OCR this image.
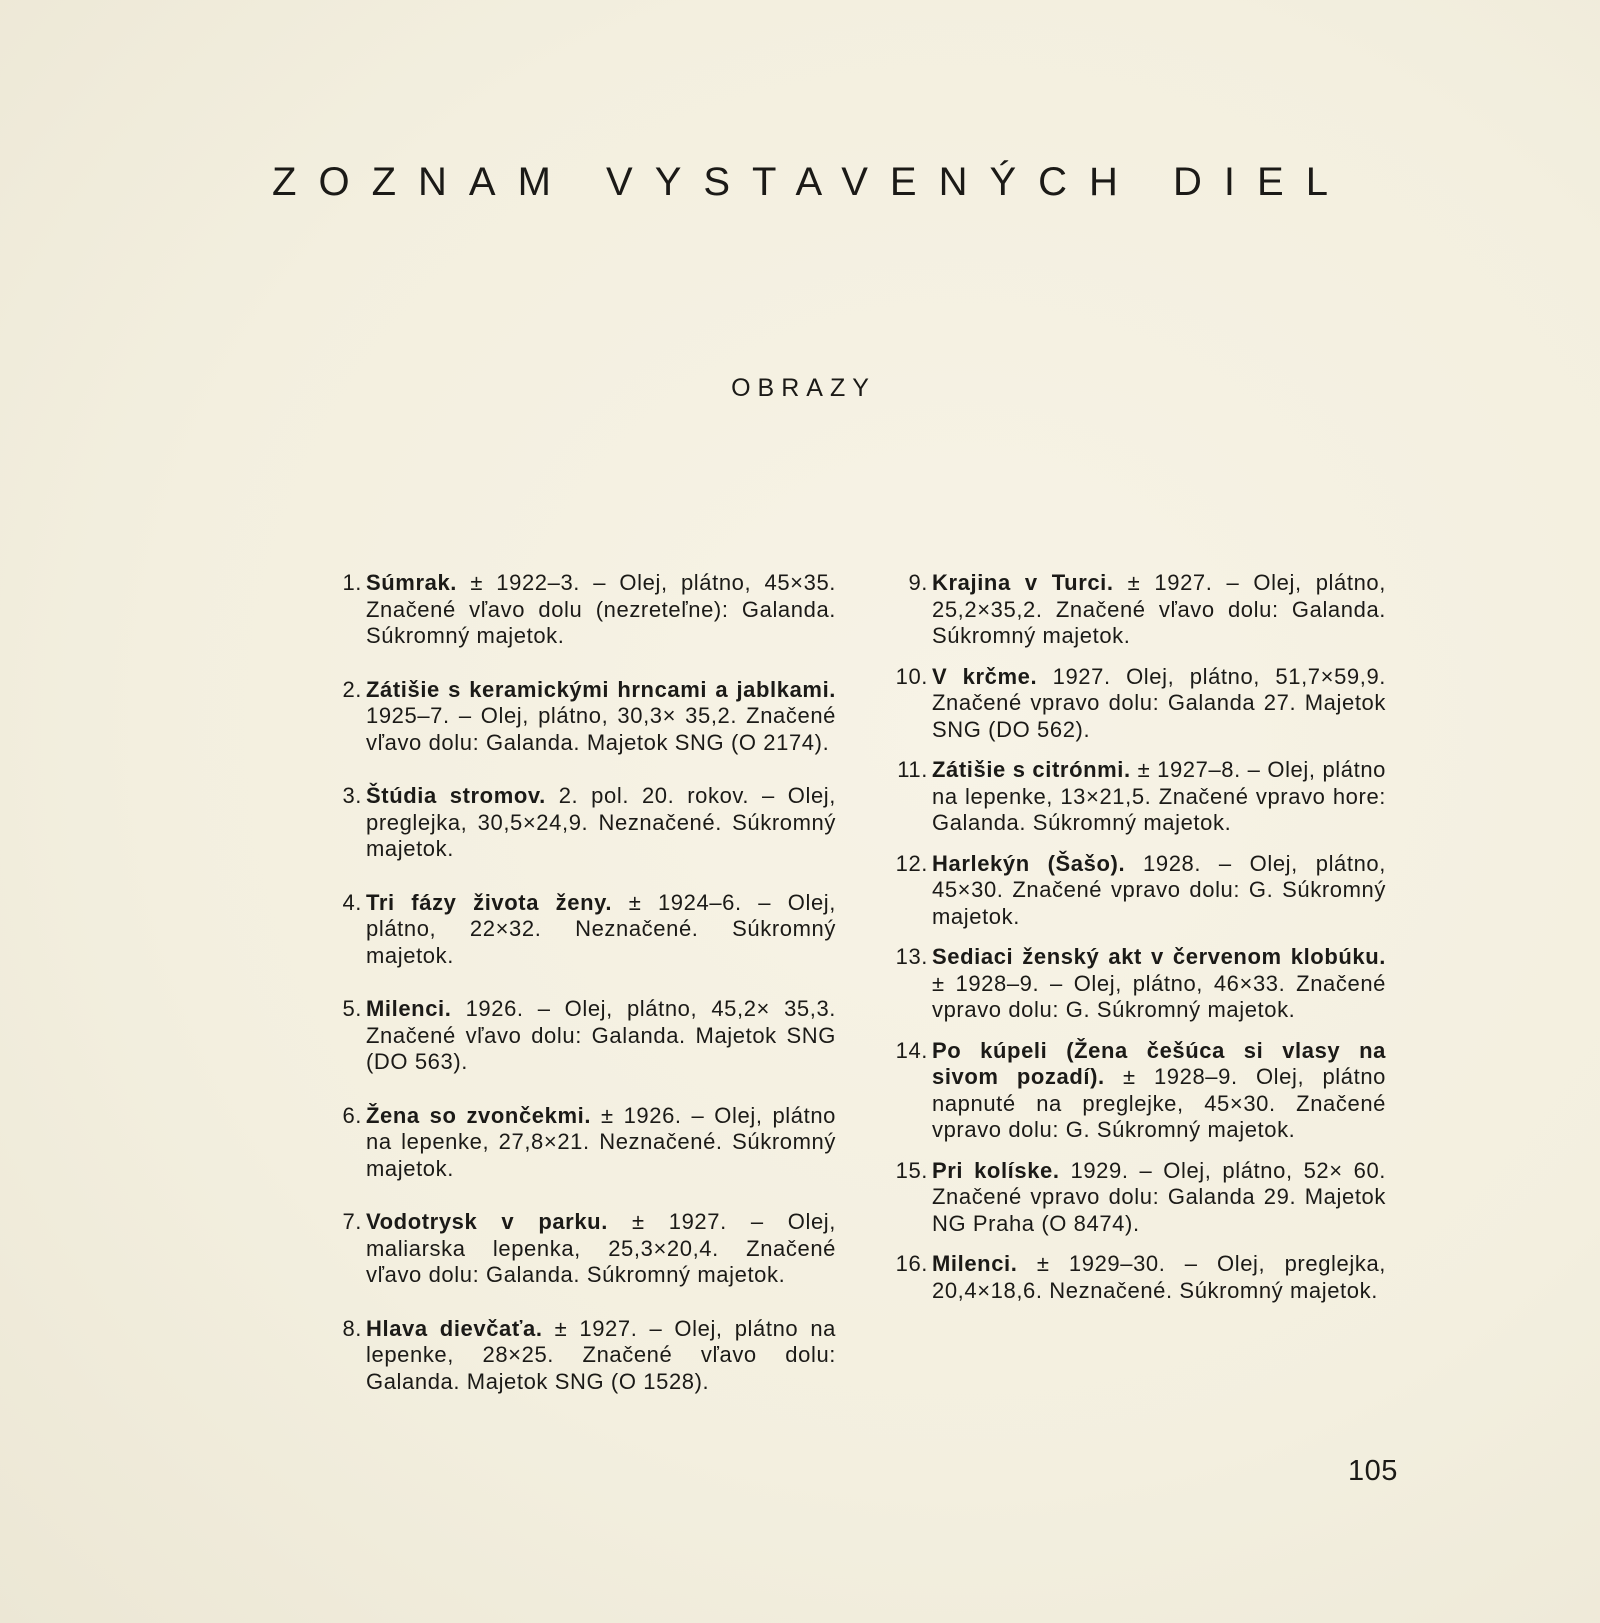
ZOZNAM VYSTAVENÝCH DIEL
OBRAZY
1. Súmrak. ± 1922–3. – Olej, plátno, 45×35. Značené vľavo dolu (nezreteľne): Galanda. Súkromný majetok.
2. Zátišie s keramickými hrncami a jablkami. 1925–7. – Olej, plátno, 30,3× 35,2. Značené vľavo dolu: Galanda. Majetok SNG (O 2174).
3. Štúdia stromov. 2. pol. 20. rokov. – Olej, preglejka, 30,5×24,9. Neznačené. Súkromný majetok.
4. Tri fázy života ženy. ± 1924–6. – Olej, plátno, 22×32. Neznačené. Súkromný majetok.
5. Milenci. 1926. – Olej, plátno, 45,2× 35,3. Značené vľavo dolu: Galanda. Majetok SNG (DO 563).
6. Žena so zvončekmi. ± 1926. – Olej, plátno na lepenke, 27,8×21. Neznačené. Súkromný majetok.
7. Vodotrysk v parku. ± 1927. – Olej, maliarska lepenka, 25,3×20,4. Značené vľavo dolu: Galanda. Súkromný majetok.
8. Hlava dievčaťa. ± 1927. – Olej, plátno na lepenke, 28×25. Značené vľavo dolu: Galanda. Majetok SNG (O 1528).
9. Krajina v Turci. ± 1927. – Olej, plátno, 25,2×35,2. Značené vľavo dolu: Galanda. Súkromný majetok.
10. V krčme. 1927. Olej, plátno, 51,7×59,9. Značené vpravo dolu: Galanda 27. Majetok SNG (DO 562).
11. Zátišie s citrónmi. ± 1927–8. – Olej, plátno na lepenke, 13×21,5. Značené vpravo hore: Galanda. Súkromný majetok.
12. Harlekýn (Šašo). 1928. – Olej, plátno, 45×30. Značené vpravo dolu: G. Súkromný majetok.
13. Sediaci ženský akt v červenom klobúku. ± 1928–9. – Olej, plátno, 46×33. Značené vpravo dolu: G. Súkromný majetok.
14. Po kúpeli (Žena češúca si vlasy na sivom pozadí). ± 1928–9. Olej, plátno napnuté na preglejke, 45×30. Značené vpravo dolu: G. Súkromný majetok.
15. Pri kolíske. 1929. – Olej, plátno, 52× 60. Značené vpravo dolu: Galanda 29. Majetok NG Praha (O 8474).
16. Milenci. ± 1929–30. – Olej, preglejka, 20,4×18,6. Neznačené. Súkromný majetok.
105
